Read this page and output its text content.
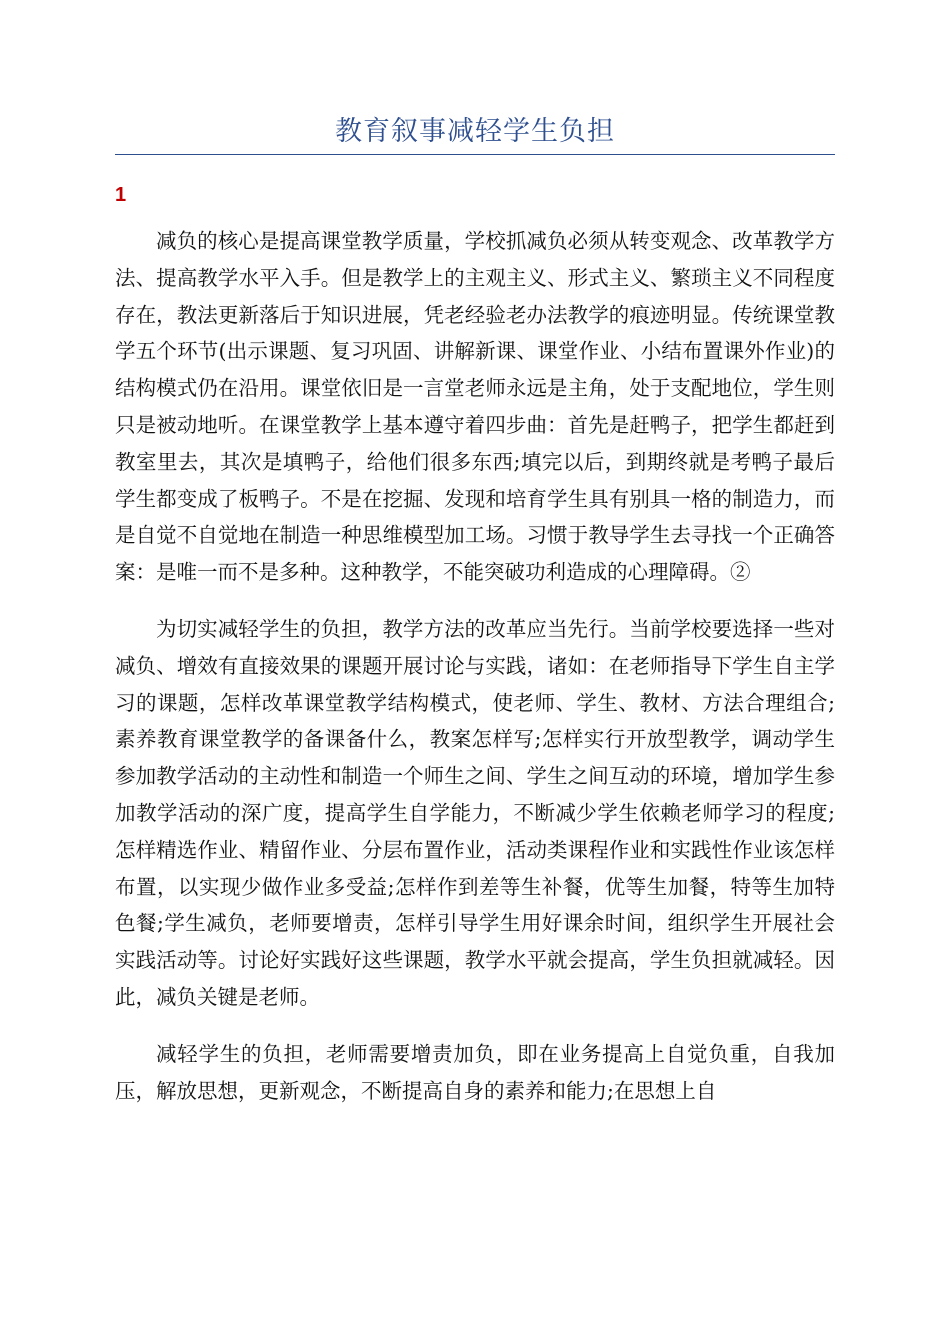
教育叙事减轻学生负担
1

减负的核心是提高课堂教学质量，学校抓减负必须从转变观念、改革教学方法、提高教学水平入手。但是教学上的主观主义、形式主义、繁琐主义不同程度存在，教法更新落后于知识进展，凭老经验老办法教学的痕迹明显。传统课堂教学五个环节(出示课题、复习巩固、讲解新课、课堂作业、小结布置课外作业)的结构模式仍在沿用。课堂依旧是一言堂老师永远是主角，处于支配地位，学生则只是被动地听。在课堂教学上基本遵守着四步曲：首先是赶鸭子，把学生都赶到教室里去，其次是填鸭子，给他们很多东西;填完以后，到期终就是考鸭子最后学生都变成了板鸭子。不是在挖掘、发现和培育学生具有别具一格的制造力，而是自觉不自觉地在制造一种思维模型加工场。习惯于教导学生去寻找一个正确答案：是唯一而不是多种。这种教学，不能突破功利造成的心理障碍。②

为切实减轻学生的负担，教学方法的改革应当先行。当前学校要选择一些对减负、增效有直接效果的课题开展讨论与实践，诸如：在老师指导下学生自主学习的课题，怎样改革课堂教学结构模式，使老师、学生、教材、方法合理组合;素养教育课堂教学的备课备什么，教案怎样写;怎样实行开放型教学，调动学生参加教学活动的主动性和制造一个师生之间、学生之间互动的环境，增加学生参加教学活动的深广度，提高学生自学能力，不断减少学生依赖老师学习的程度;怎样精选作业、精留作业、分层布置作业，活动类课程作业和实践性作业该怎样布置，以实现少做作业多受益;怎样作到差等生补餐，优等生加餐，特等生加特色餐;学生减负，老师要增责，怎样引导学生用好课余时间，组织学生开展社会实践活动等。讨论好实践好这些课题，教学水平就会提高，学生负担就减轻。因此，减负关键是老师。

减轻学生的负担，老师需要增责加负，即在业务提高上自觉负重，自我加压，解放思想，更新观念，不断提高自身的素养和能力;在思想上自
